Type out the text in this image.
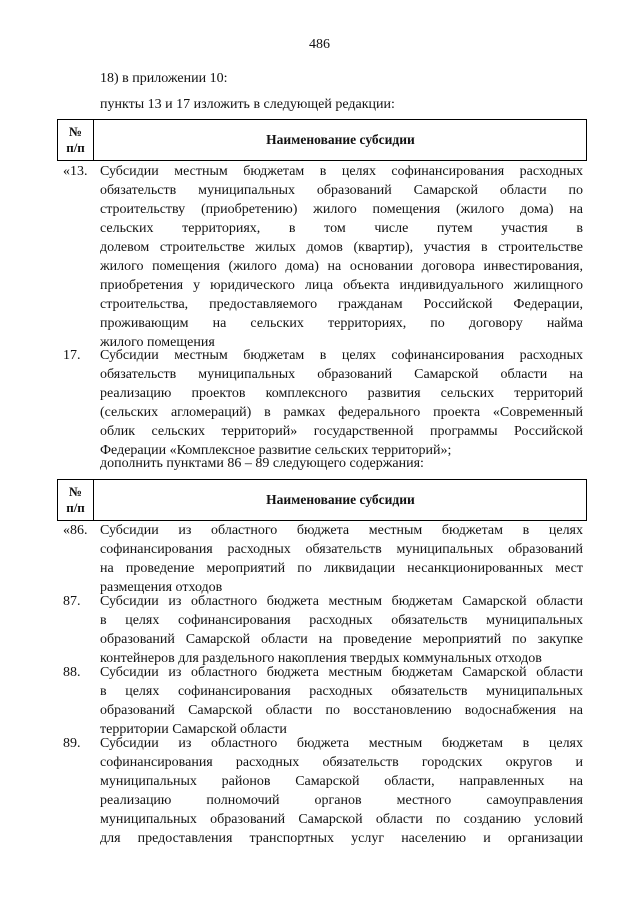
486
18) в приложении 10:
пункты 13 и 17 изложить в следующей редакции:
№
п/п
Наименование субсидии
«13. Субсидии местным бюджетам в целях софинансирования расходных
обязательств муниципальных образований Самарской области по
строительству (приобретению) жилого помещения (жилого дома) на
сельских территориях, в том числе путем участия в
долевом строительстве жилых домов (квартир), участия в строительстве
жилого помещения (жилого дома) на основании договора инвестирования,
приобретения у юридического лица объекта индивидуального жилищного
строительства, предоставляемого гражданам Российской Федерации,
проживающим на сельских территориях, по договору найма
жилого помещения
17. Субсидии местным бюджетам в целях софинансирования расходных
обязательств муниципальных образований Самарской области на
реализацию проектов комплексного развития сельских территорий
(сельских агломераций) в рамках федерального проекта «Современный
облик сельских территорий» государственной программы Российской
Федерации «Комплексное развитие сельских территорий»;
дополнить пунктами 86 – 89 следующего содержания:
№
п/п
Наименование субсидии
«86. Субсидии из областного бюджета местным бюджетам в целях
софинансирования расходных обязательств муниципальных образований
на проведение мероприятий по ликвидации несанкционированных мест
размещения отходов
87. Субсидии из областного бюджета местным бюджетам Самарской области
в целях софинансирования расходных обязательств муниципальных
образований Самарской области на проведение мероприятий по закупке
контейнеров для раздельного накопления твердых коммунальных отходов
88. Субсидии из областного бюджета местным бюджетам Самарской области
в целях софинансирования расходных обязательств муниципальных
образований Самарской области по восстановлению водоснабжения на
территории Самарской области
89. Субсидии из областного бюджета местным бюджетам в целях
софинансирования расходных обязательств городских округов и
муниципальных районов Самарской области, направленных на
реализацию полномочий органов местного самоуправления
муниципальных образований Самарской области по созданию условий
для предоставления транспортных услуг населению и организации
